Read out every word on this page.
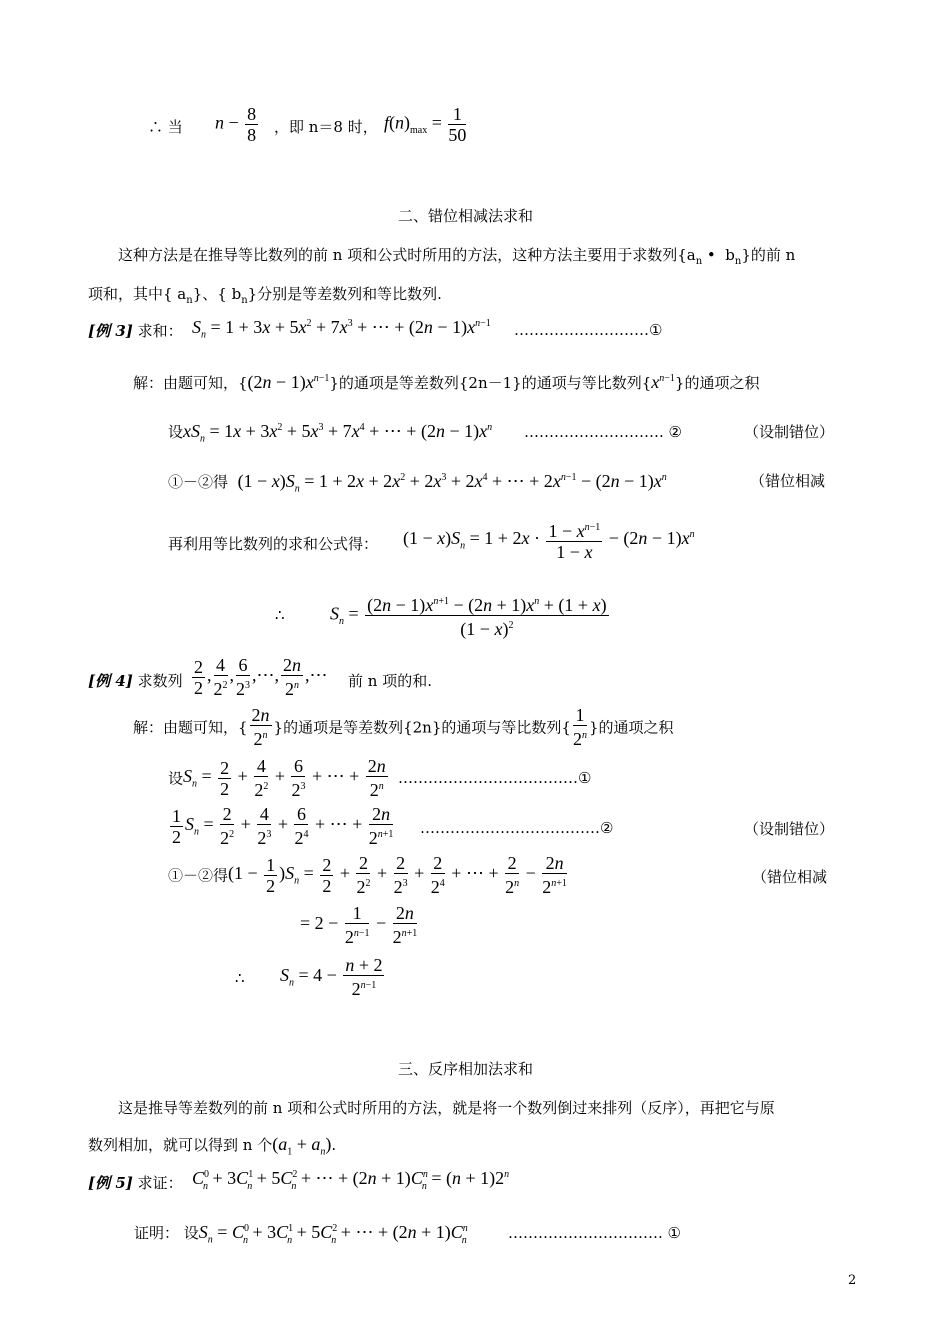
∴ 当 $n - \frac{8}{8}$ ，即 n＝8 时， $f(n)_{max} = \frac{1}{50}$
二、错位相减法求和
这种方法是在推导等比数列的前 n 项和公式时所用的方法，这种方法主要用于求数列{$a_n$ •  $b_n$}的前 n
项和，其中{ $a_n$}、{ $b_n$}分别是等差数列和等比数列.
[例 3] 求和： $S_n = 1 + 3x + 5x^2 + 7x^3$ + ⋯ + $(2n - 1)x^{n-1}$ ………………………①
解：由题可知，$\{(2n - 1)x^{n-1}\}$的通项是等差数列{2n－1}的通项与等比数列$\{x^{n-1}\}$的通项之积
设$xS_n = 1x + 3x^2 + 5x^3 + 7x^4$ + ⋯ + $(2n - 1)x^n$ ………………………. ②	（设制错位）
①－②得 $(1 - x)S_n = 1 + 2x + 2x^2 + 2x^3 + 2x^4$ + ⋯ + $2x^{n-1} - (2n - 1)x^n$	（错位相减
再利用等比数列的求和公式得： $(1 - x)S_n = 1 + 2x \cdot \frac{1 - x^{n-1}}{1 - x} - (2n - 1)x^n$
∴	$S_n = \frac{(2n - 1)x^{n+1} - (2n + 1)x^n + (1 + x)}{(1 - x)^2}$
[例 4] 求数列 $\frac{2}{2}$ , $\frac{4}{2^2}$ , $\frac{6}{2^3}$ ,⋯, $\frac{2n}{2^n}$ ,⋯ 前 n 项的和.
解：由题可知，{ $\frac{2n}{2^n}$ }的通项是等差数列{2n}的通项与等比数列{ $\frac{1}{2^n}$ }的通项之积
设$S_n = \frac{2}{2} + \frac{4}{2^2} + \frac{6}{2^3}$ + ⋯ + $\frac{2n}{2^n}$ ………………………………①
$\frac{1}{2} S_n = \frac{2}{2^2} + \frac{4}{2^3} + \frac{6}{2^4}$ + ⋯ + $\frac{2n}{2^{n+1}}$ ………………………………②	（设制错位）
①－②得$(1 - \frac{1}{2} )S_n = \frac{2}{2} + \frac{2}{2^2} + \frac{2}{2^3} + \frac{2}{2^4}$ + ⋯ + $\frac{2}{2^n} - \frac{2n}{2^{n+1}}$	（错位相减
= $2 - \frac{1}{2^{n-1}} - \frac{2n}{2^{n+1}}$
∴ $S_n = 4 - \frac{n + 2}{2^{n-1}}$
三、反序相加法求和
这是推导等差数列的前 n 项和公式时所用的方法，就是将一个数列倒过来排列（反序），再把它与原
数列相加，就可以得到 n 个$(a_1 + a_n)$.
[例 5] 求证： $C^0_n + 3C^1_n + 5C^2_n$ + ⋯ + $(2n + 1)C^n_n = (n + 1)2^n$
证明： 设$S_n = C^0_n + 3C^1_n + 5C^2_n$ + ⋯ + $(2n + 1)C^n_n$	…………………………. ①
2
